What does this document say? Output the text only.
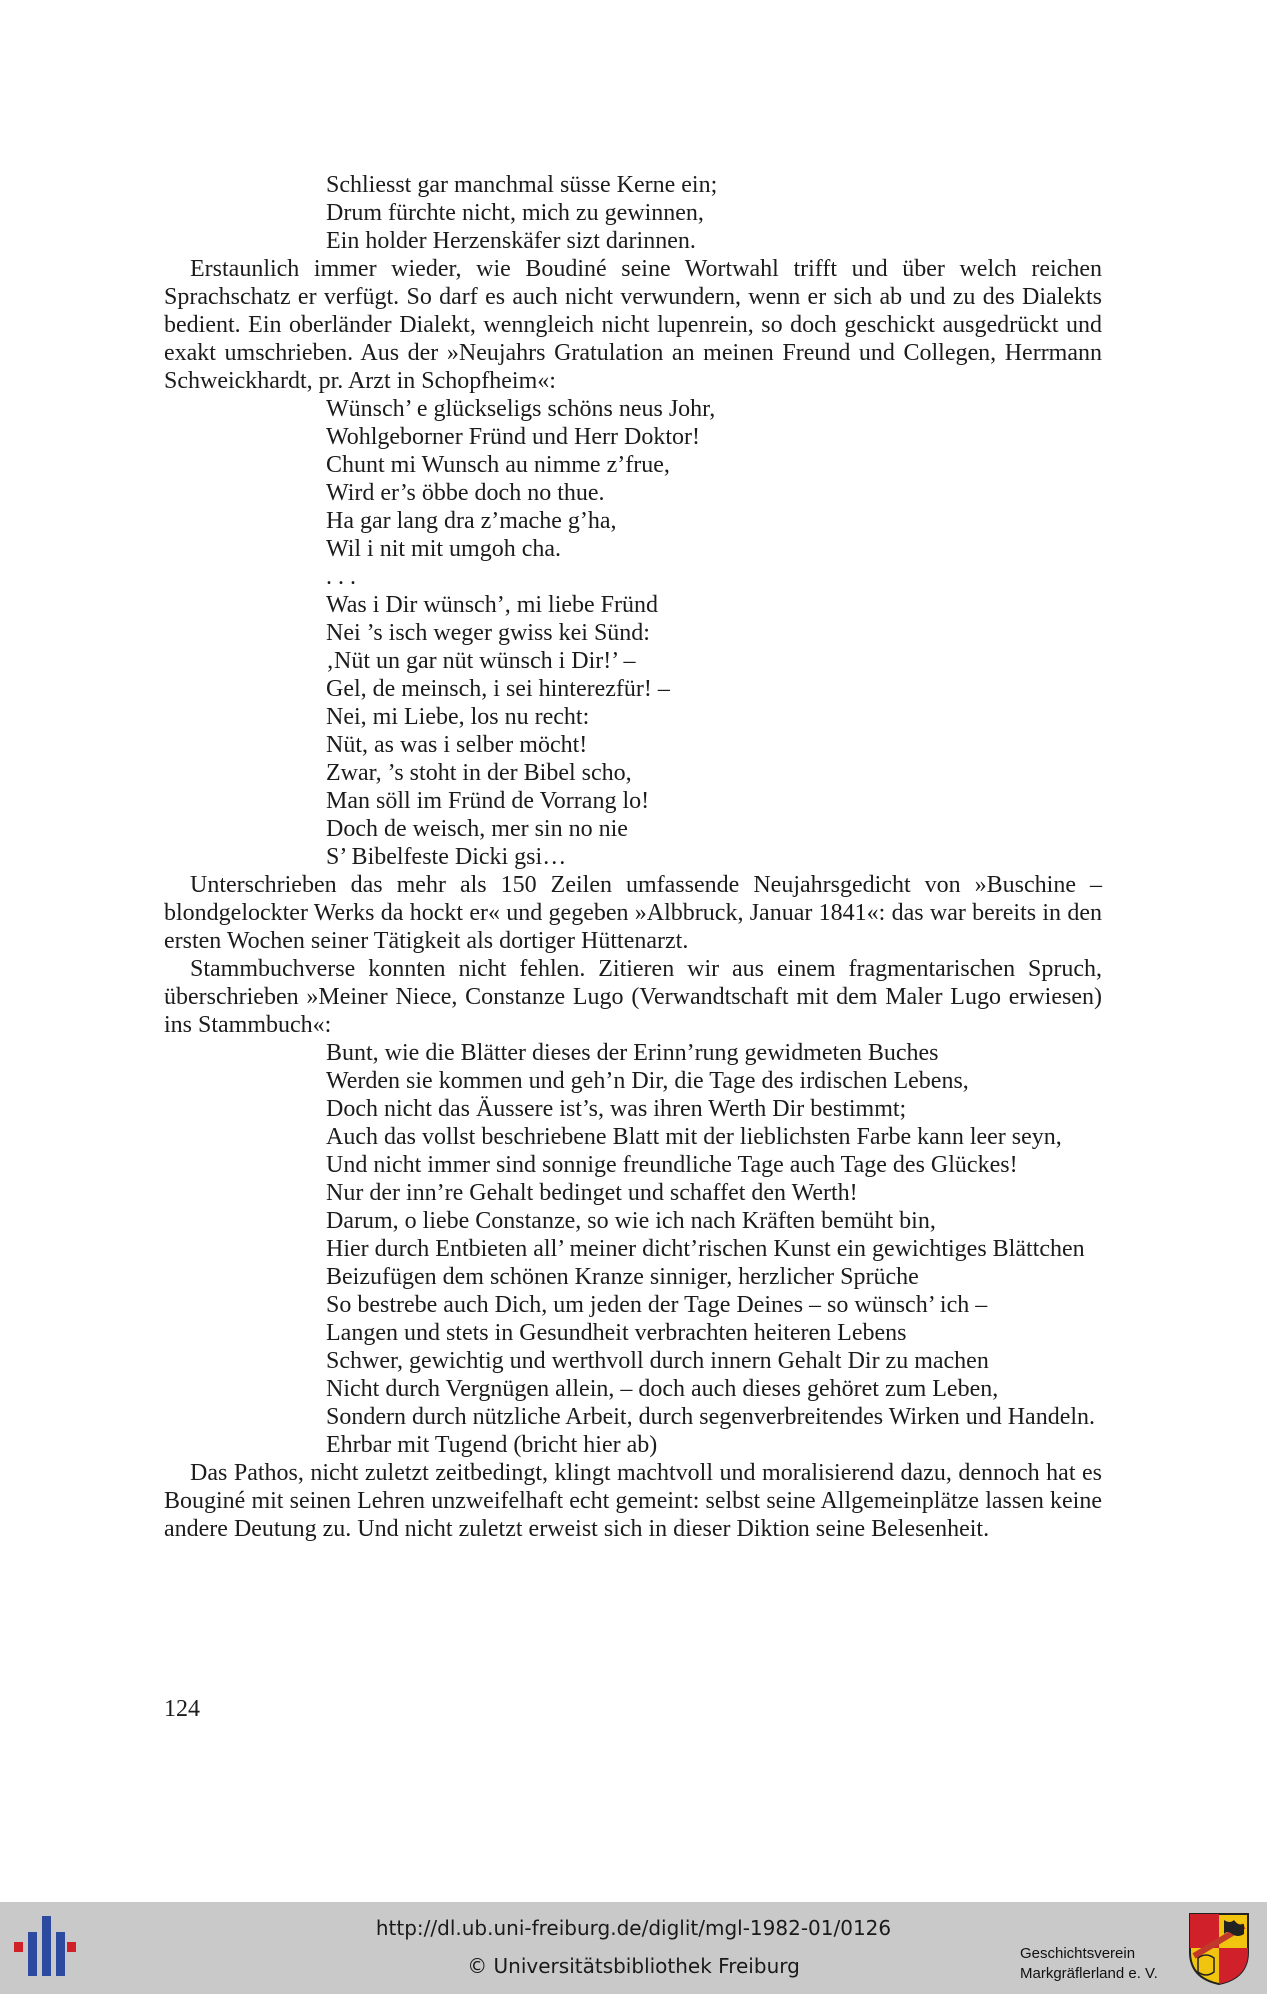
Schliesst gar manchmal süsse Kerne ein;
Drum fürchte nicht, mich zu gewinnen,
Ein holder Herzenskäfer sizt darinnen.

Erstaunlich immer wieder, wie Boudiné seine Wortwahl trifft und über welch reichen Sprachschatz er verfügt. So darf es auch nicht verwundern, wenn er sich ab und zu des Dialekts bedient. Ein oberländer Dialekt, wenngleich nicht lupenrein, so doch geschickt ausgedrückt und exakt umschrieben. Aus der »Neujahrs Gratulation an meinen Freund und Collegen, Herrmann Schweickhardt, pr. Arzt in Schopfheim«:

Wünsch’ e glückseligs schöns neus Johr,
Wohlgeborner Fründ und Herr Doktor!
Chunt mi Wunsch au nimme z’frue,
Wird er’s öbbe doch no thue.
Ha gar lang dra z’mache g’ha,
Wil i nit mit umgoh cha.
. . .
Was i Dir wünsch’, mi liebe Fründ
Nei ’s isch weger gwiss kei Sünd:
‚Nüt un gar nüt wünsch i Dir!’ –
Gel, de meinsch, i sei hinterezfür! –
Nei, mi Liebe, los nu recht:
Nüt, as was i selber möcht!
Zwar, ’s stoht in der Bibel scho,
Man söll im Fründ de Vorrang lo!
Doch de weisch, mer sin no nie
S’ Bibelfeste Dicki gsi…

Unterschrieben das mehr als 150 Zeilen umfassende Neujahrsgedicht von »Buschine – blondgelockter Werks da hockt er« und gegeben »Albbruck, Januar 1841«: das war bereits in den ersten Wochen seiner Tätigkeit als dortiger Hüttenarzt.

Stammbuchverse konnten nicht fehlen. Zitieren wir aus einem fragmentarischen Spruch, überschrieben »Meiner Niece, Constanze Lugo (Verwandtschaft mit dem Maler Lugo erwiesen) ins Stammbuch«:

Bunt, wie die Blätter dieses der Erinn’rung gewidmeten Buches
Werden sie kommen und geh’n Dir, die Tage des irdischen Lebens,
Doch nicht das Äussere ist’s, was ihren Werth Dir bestimmt;
Auch das vollst beschriebene Blatt mit der lieblichsten Farbe kann leer seyn,
Und nicht immer sind sonnige freundliche Tage auch Tage des Glückes!
Nur der inn’re Gehalt bedinget und schaffet den Werth!
Darum, o liebe Constanze, so wie ich nach Kräften bemüht bin,
Hier durch Entbieten all’ meiner dicht’rischen Kunst ein gewichtiges Blättchen
Beizufügen dem schönen Kranze sinniger, herzlicher Sprüche
So bestrebe auch Dich, um jeden der Tage Deines – so wünsch’ ich –
Langen und stets in Gesundheit verbrachten heiteren Lebens
Schwer, gewichtig und werthvoll durch innern Gehalt Dir zu machen
Nicht durch Vergnügen allein, – doch auch dieses gehöret zum Leben,
Sondern durch nützliche Arbeit, durch segenverbreitendes Wirken und Handeln.
Ehrbar mit Tugend (bricht hier ab)

Das Pathos, nicht zuletzt zeitbedingt, klingt machtvoll und moralisierend dazu, dennoch hat es Bouginé mit seinen Lehren unzweifelhaft echt gemeint: selbst seine Allgemeinplätze lassen keine andere Deutung zu. Und nicht zuletzt erweist sich in dieser Diktion seine Belesenheit.

124
http://dl.ub.uni-freiburg.de/diglit/mgl-1982-01/0126
© Universitätsbibliothek Freiburg
Geschichtsverein
Markgräflerland e. V.
